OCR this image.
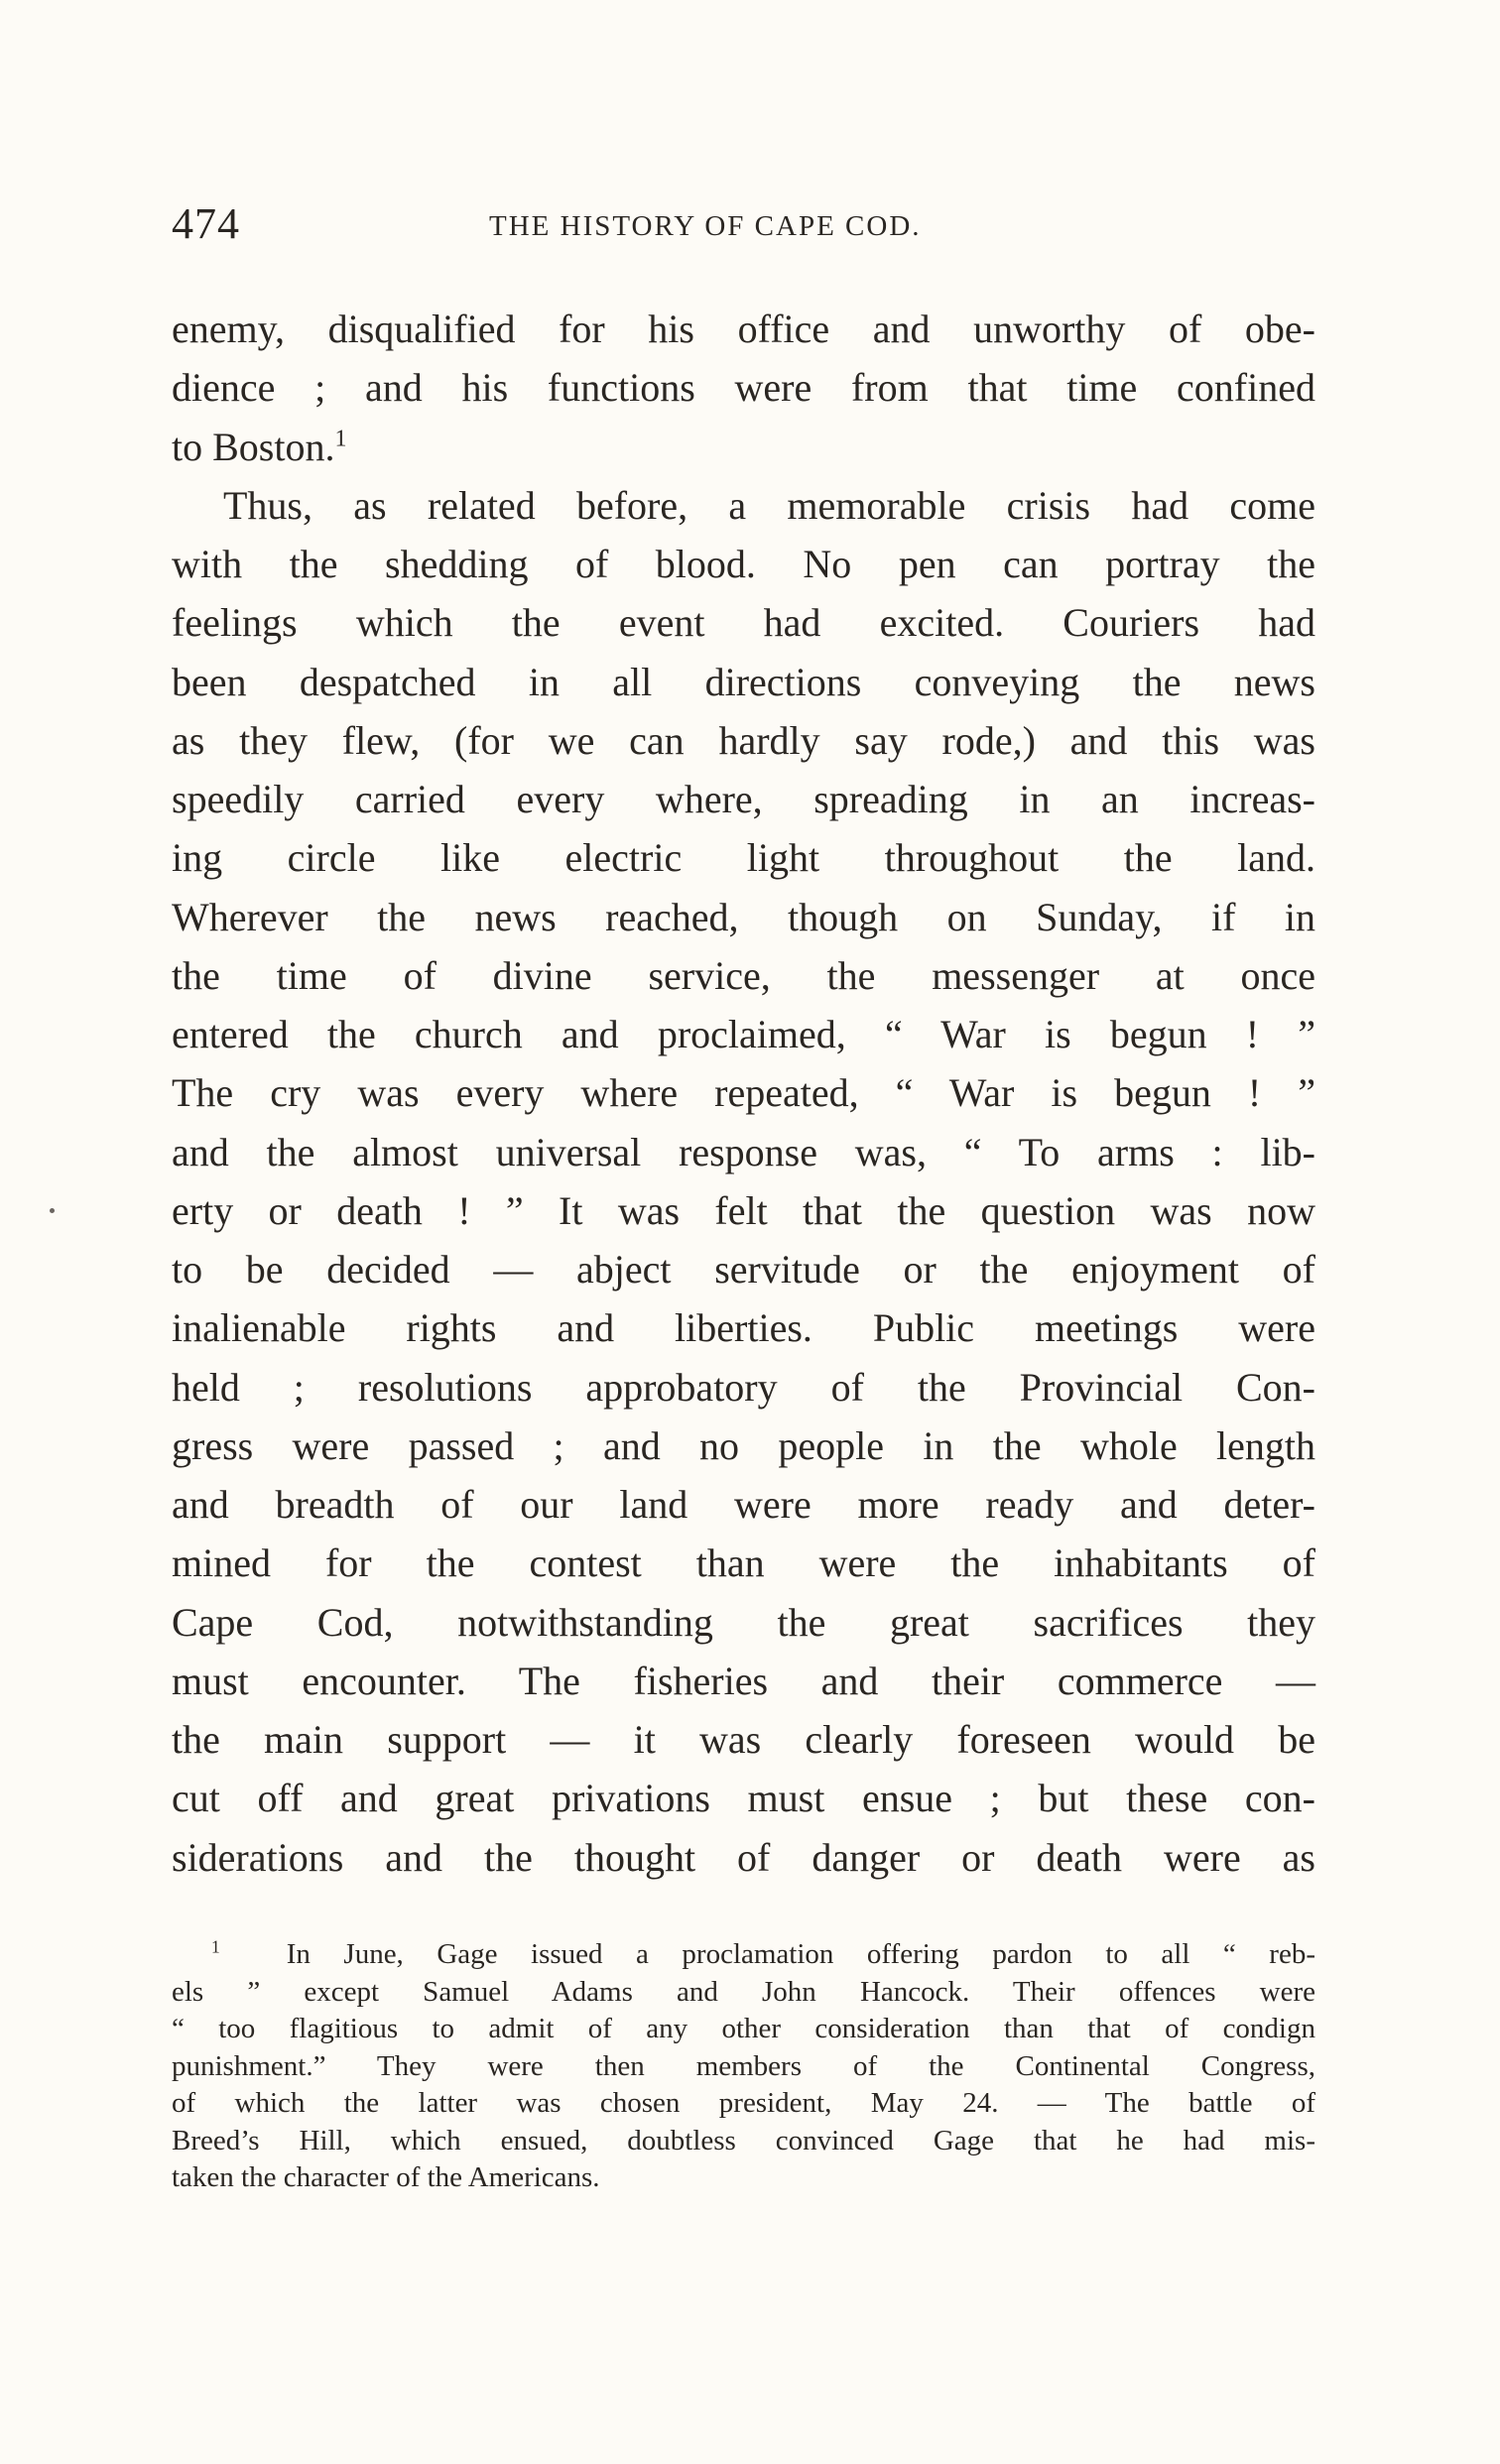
474	THE HISTORY OF CAPE COD.
enemy, disqualified for his office and unworthy of obe-
dience ; and his functions were from that time confined
to Boston.$^1$
Thus, as related before, a memorable crisis had come
with the shedding of blood. No pen can portray the
feelings which the event had excited. Couriers had
been despatched in all directions conveying the news
as they flew, (for we can hardly say rode,) and this was
speedily carried every where, spreading in an increas-
ing circle like electric light throughout the land.
Wherever the news reached, though on Sunday, if in
the time of divine service, the messenger at once
entered the church and proclaimed, “ War is begun ! ”
The cry was every where repeated, “ War is begun ! ”
and the almost universal response was, “ To arms : lib-
erty or death ! ” It was felt that the question was now
to be decided — abject servitude or the enjoyment of
inalienable rights and liberties. Public meetings were
held ; resolutions approbatory of the Provincial Con-
gress were passed ; and no people in the whole length
and breadth of our land were more ready and deter-
mined for the contest than were the inhabitants of
Cape Cod, notwithstanding the great sacrifices they
must encounter. The fisheries and their commerce —
the main support — it was clearly foreseen would be
cut off and great privations must ensue ; but these con-
siderations and the thought of danger or death were as
$^1$ In June, Gage issued a proclamation offering pardon to all “ reb-
els ” except Samuel Adams and John Hancock. Their offences were
“ too flagitious to admit of any other consideration than that of condign
punishment.” They were then members of the Continental Congress,
of which the latter was chosen president, May 24. — The battle of
Breed’s Hill, which ensued, doubtless convinced Gage that he had mis-
taken the character of the Americans.
